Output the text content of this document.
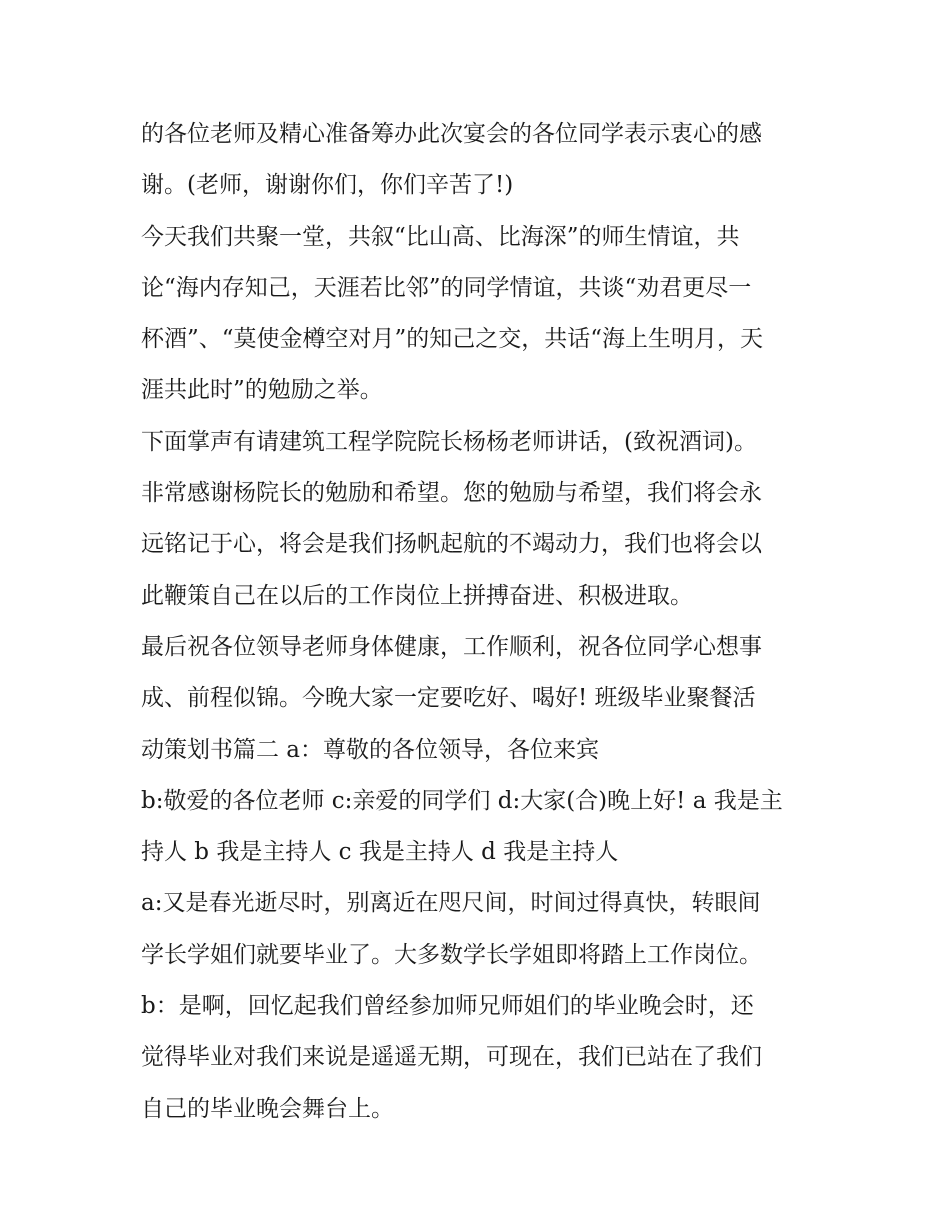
的各位老师及精心准备筹办此次宴会的各位同学表示衷心的感
谢。(老师，谢谢你们，你们辛苦了!)
今天我们共聚一堂，共叙“比山高、比海深”的师生情谊，共
论“海内存知己，天涯若比邻”的同学情谊，共谈“劝君更尽一
杯酒”、“莫使金樽空对月”的知己之交，共话“海上生明月，天
涯共此时”的勉励之举。
下面掌声有请建筑工程学院院长杨杨老师讲话，(致祝酒词)。
非常感谢杨院长的勉励和希望。您的勉励与希望，我们将会永
远铭记于心，将会是我们扬帆起航的不竭动力，我们也将会以
此鞭策自己在以后的工作岗位上拼搏奋进、积极进取。
最后祝各位领导老师身体健康，工作顺利，祝各位同学心想事
成、前程似锦。今晚大家一定要吃好、喝好! 班级毕业聚餐活
动策划书篇二 a：尊敬的各位领导，各位来宾
b:敬爱的各位老师 c:亲爱的同学们 d:大家(合)晚上好! a 我是主
持人 b 我是主持人 c 我是主持人 d 我是主持人
a:又是春光逝尽时，别离近在咫尺间，时间过得真快，转眼间
学长学姐们就要毕业了。大多数学长学姐即将踏上工作岗位。
b：是啊，回忆起我们曾经参加师兄师姐们的毕业晚会时，还
觉得毕业对我们来说是遥遥无期，可现在，我们已站在了我们
自己的毕业晚会舞台上。
